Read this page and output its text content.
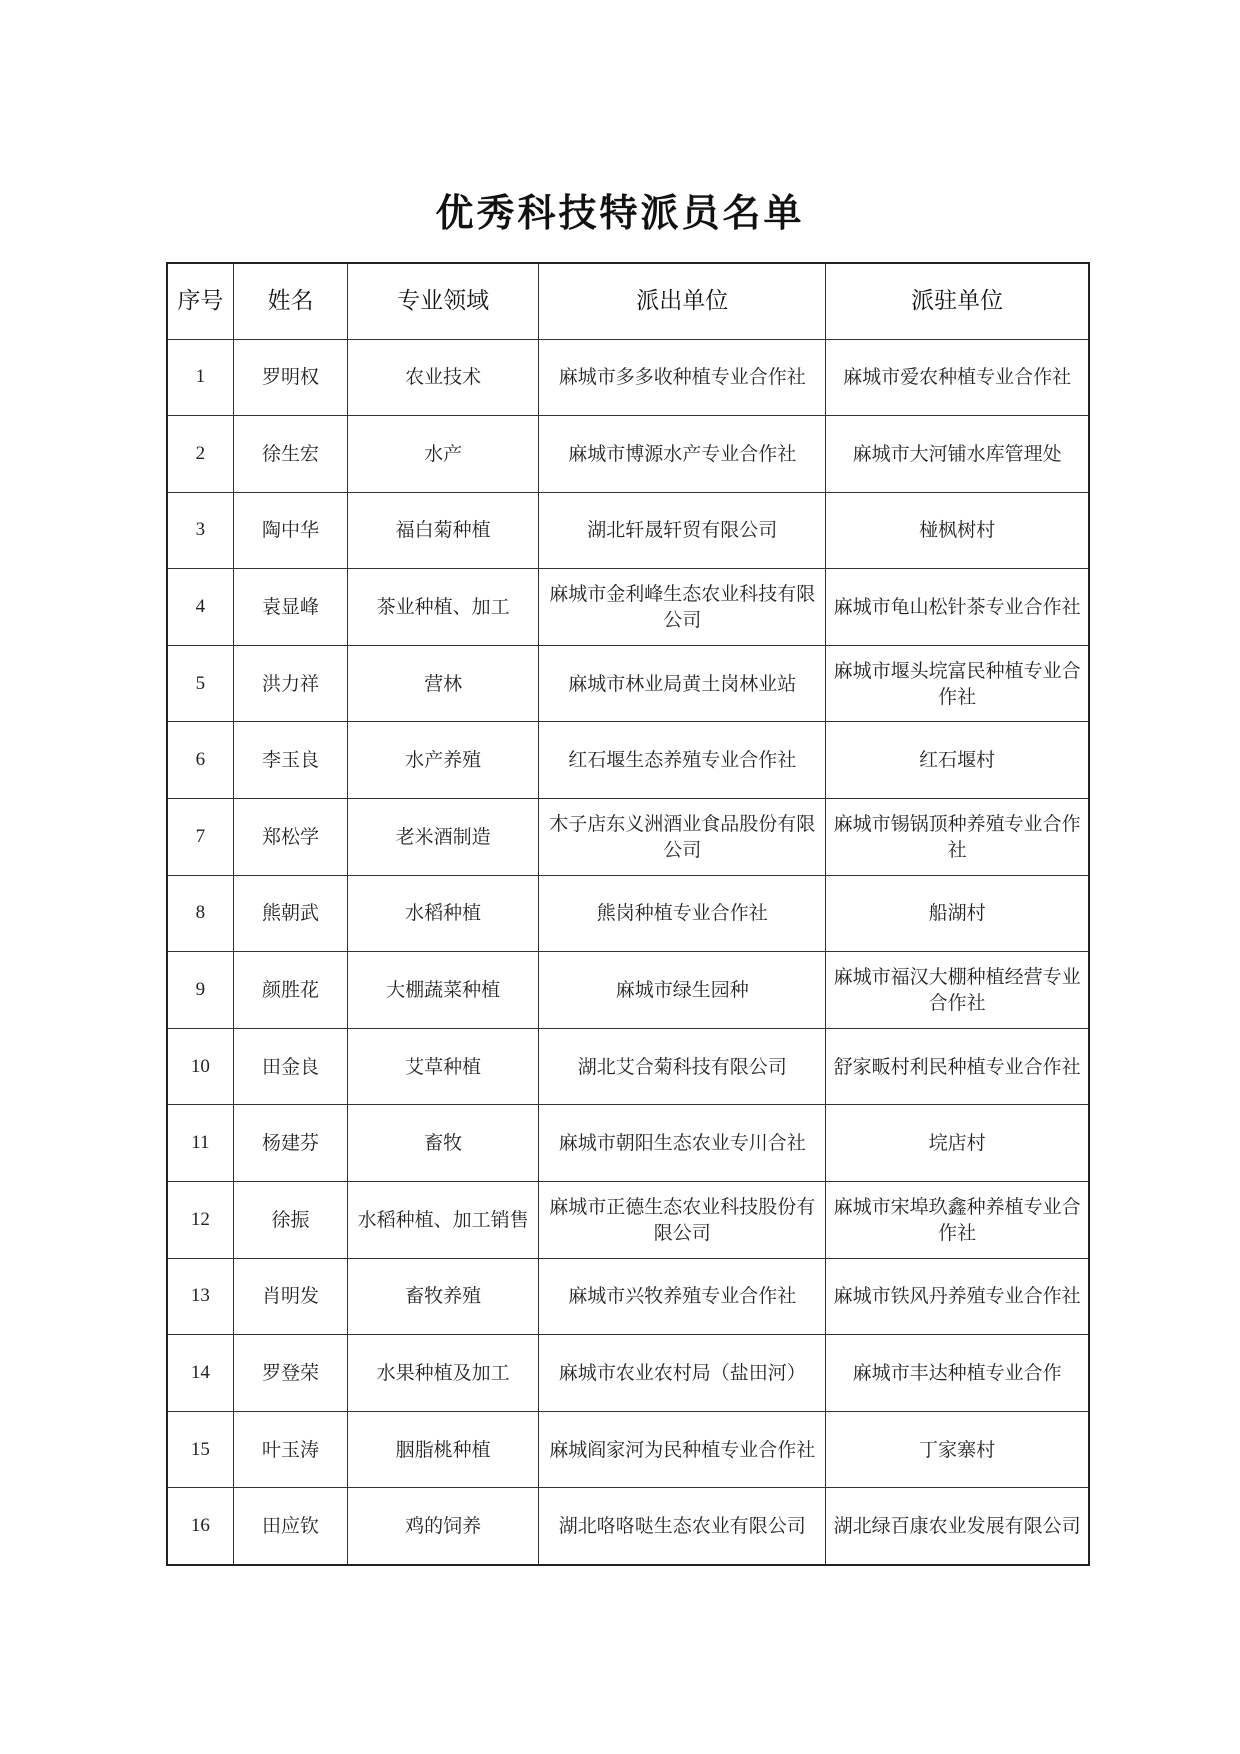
优秀科技特派员名单
序号	姓名	专业领域	派出单位	派驻单位
1	罗明权	农业技术	麻城市多多收种植专业合作社	麻城市爱农种植专业合作社
2	徐生宏	水产	麻城市博源水产专业合作社	麻城市大河铺水库管理处
3	陶中华	福白菊种植	湖北轩晟轩贸有限公司	椪枫树村
4	袁显峰	茶业种植、加工	麻城市金利峰生态农业科技有限公司	麻城市龟山松针茶专业合作社
5	洪力祥	营林	麻城市林业局黄土岗林业站	麻城市堰头垸富民种植专业合作社
6	李玉良	水产养殖	红石堰生态养殖专业合作社	红石堰村
7	郑松学	老米酒制造	木子店东义洲酒业食品股份有限公司	麻城市锡锅顶种养殖专业合作社
8	熊朝武	水稻种植	熊岗种植专业合作社	船湖村
9	颜胜花	大棚蔬菜种植	麻城市绿生园种	麻城市福汉大棚种植经营专业合作社
10	田金良	艾草种植	湖北艾合菊科技有限公司	舒家畈村利民种植专业合作社
11	杨建芬	畜牧	麻城市朝阳生态农业专川合社	垸店村
12	徐振	水稻种植、加工销售	麻城市正德生态农业科技股份有限公司	麻城市宋埠玖鑫种养植专业合作社
13	肖明发	畜牧养殖	麻城市兴牧养殖专业合作社	麻城市铁风丹养殖专业合作社
14	罗登荣	水果种植及加工	麻城市农业农村局（盐田河）	麻城市丰达种植专业合作
15	叶玉涛	胭脂桃种植	麻城阎家河为民种植专业合作社	丁家寨村
16	田应钦	鸡的饲养	湖北咯咯哒生态农业有限公司	湖北绿百康农业发展有限公司
